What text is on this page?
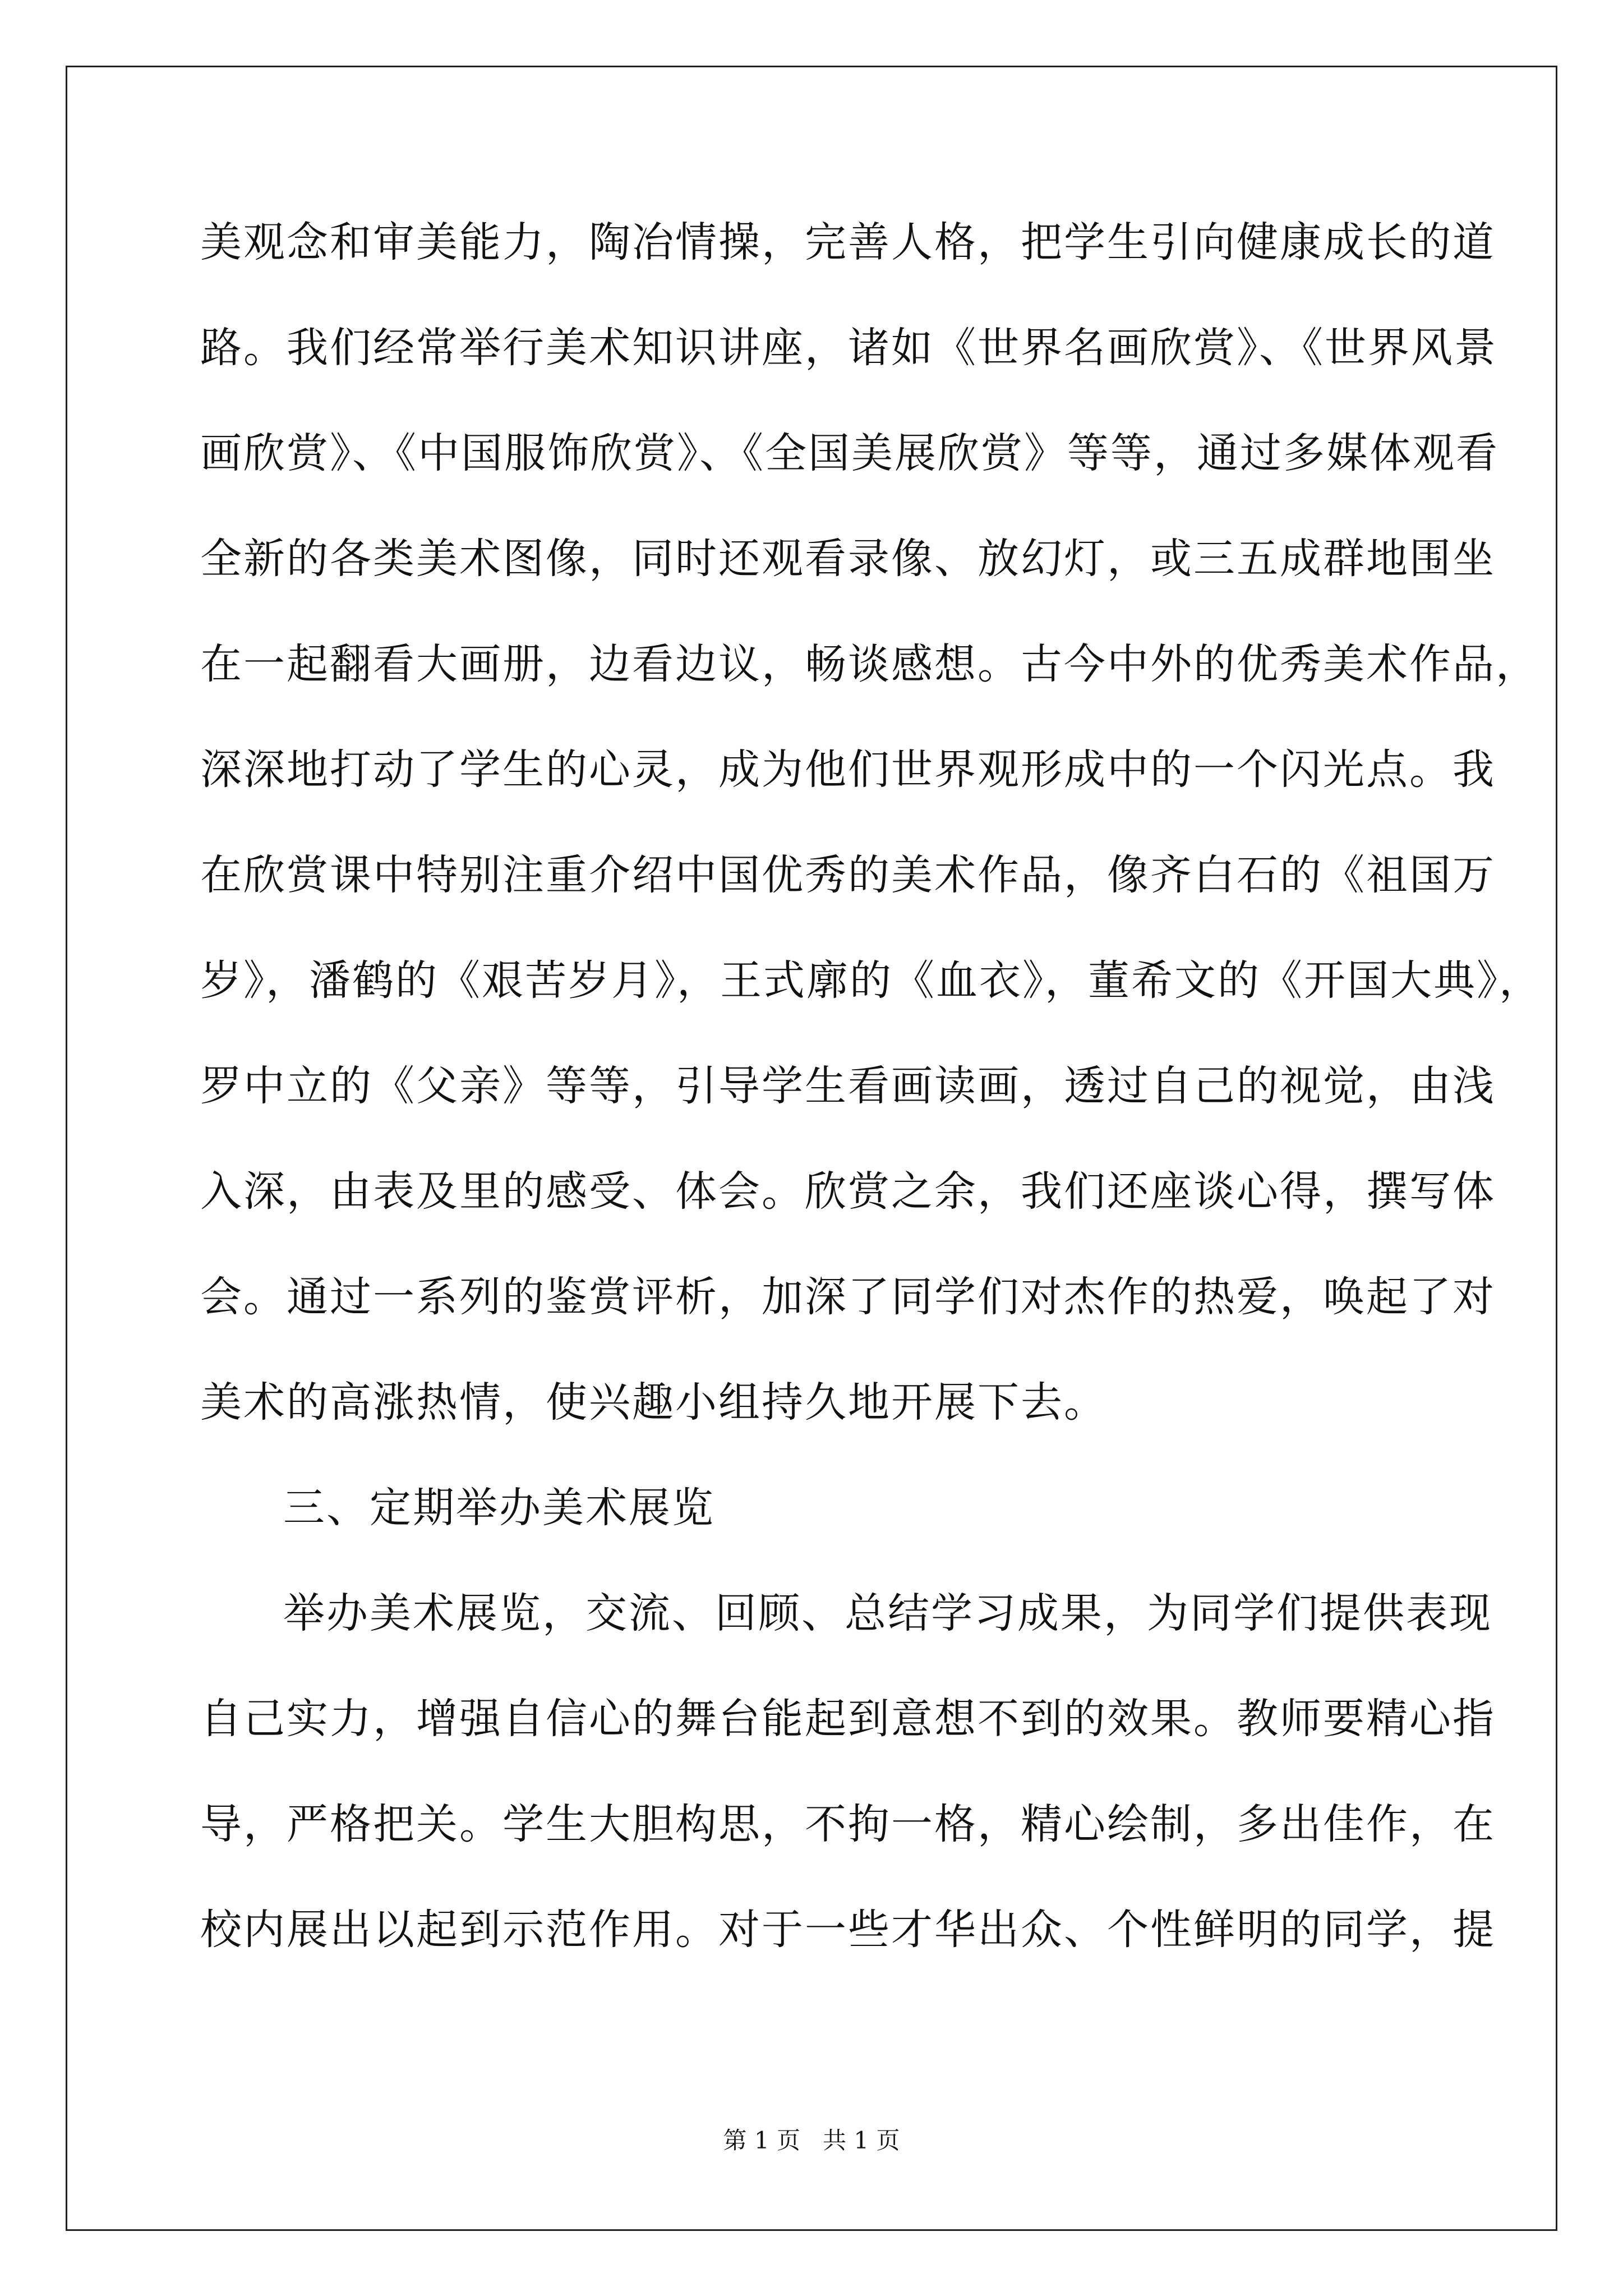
美观念和审美能力，陶冶情操，完善人格，把学生引向健康成长的道
路。我们经常举行美术知识讲座，诸如《世界名画欣赏》、《世界风景
画欣赏》、《中国服饰欣赏》、《全国美展欣赏》等等，通过多媒体观看
全新的各类美术图像，同时还观看录像、放幻灯，或三五成群地围坐
在一起翻看大画册，边看边议，畅谈感想。古今中外的优秀美术作品，
深深地打动了学生的心灵，成为他们世界观形成中的一个闪光点。我
在欣赏课中特别注重介绍中国优秀的美术作品，像齐白石的《祖国万
岁》，潘鹤的《艰苦岁月》，王式廓的《血衣》，董希文的《开国大典》，
罗中立的《父亲》等等，引导学生看画读画，透过自己的视觉，由浅
入深，由表及里的感受、体会。欣赏之余，我们还座谈心得，撰写体
会。通过一系列的鉴赏评析，加深了同学们对杰作的热爱，唤起了对
美术的高涨热情，使兴趣小组持久地开展下去。
三、定期举办美术展览
举办美术展览，交流、回顾、总结学习成果，为同学们提供表现
自己实力，增强自信心的舞台能起到意想不到的效果。教师要精心指
导，严格把关。学生大胆构思，不拘一格，精心绘制，多出佳作，在
校内展出以起到示范作用。对于一些才华出众、个性鲜明的同学，提
第 1 页   共 1 页
